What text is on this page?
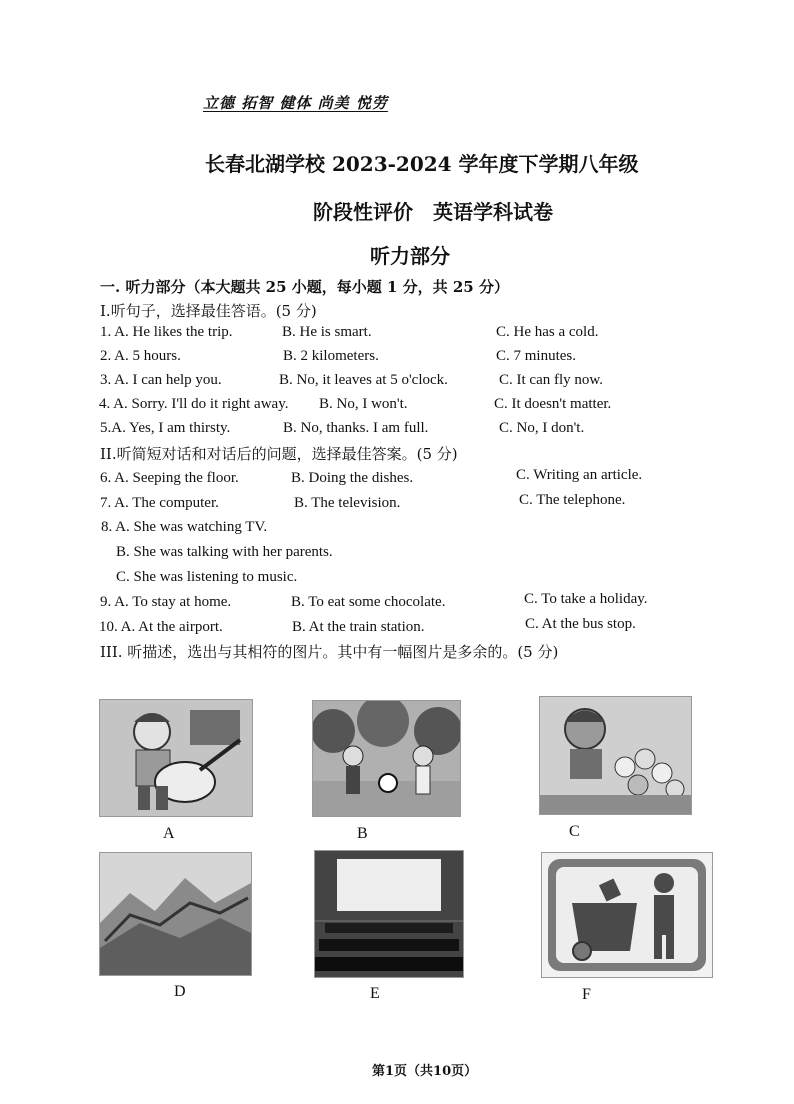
立德 拓智 健体 尚美 悦劳
长春北湖学校 2023-2024 学年度下学期八年级
阶段性评价　英语学科试卷
听力部分
一. 听力部分（本大题共 25 小题，每小题 1 分，共 25 分）
I.听句子，选择最佳答语。(5 分)
1. A. He likes the trip.	B. He is smart.	C. He has a cold.
2. A. 5 hours.	B. 2 kilometers.	C. 7 minutes.
3. A. I can help you.	B. No, it leaves at 5 o'clock.	C. It can fly now.
4. A. Sorry. I'll do it right away. B. No, I won't.	C. It doesn't matter.
5.A. Yes, I am thirsty.	B. No, thanks. I am full.	C. No, I don't.
II.听简短对话和对话后的问题，选择最佳答案。(5 分)
6. A. Seeping the floor.	B. Doing the dishes.	C. Writing an article.
7. A. The computer.	B. The television.	C. The telephone.
8. A. She was watching TV.
B. She was talking with her parents.
C. She was listening to music.
9. A. To stay at home.	B. To eat some chocolate.	C. To take a holiday.
10. A. At the airport.	B. At the train station.	C. At the bus stop.
III. 听描述，选出与其相符的图片。其中有一幅图片是多余的。(5 分)
A	B	C
D	E	F
第1页（共10页）
